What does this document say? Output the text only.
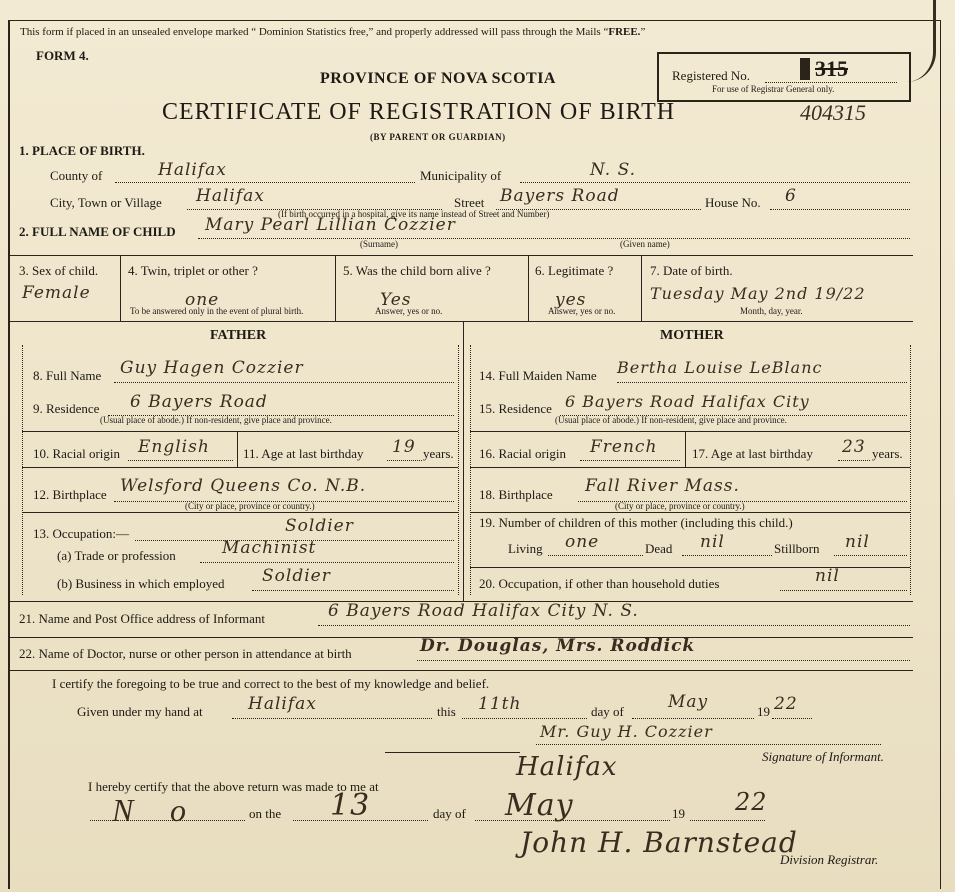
This form if placed in an unsealed envelope marked “ Dominion Statistics free,” and properly addressed will pass through the Mails “FREE.”
FORM 4.
Registered No.	315
For use of Registrar General only.
PROVINCE OF NOVA SCOTIA
CERTIFICATE OF REGISTRATION OF BIRTH	404315
(BY PARENT OR GUARDIAN)
1. PLACE OF BIRTH.
County of	Halifax	Municipality of	N. S.
City, Town or Village Halifax	Street Bayers Road	House No. 6
(If birth occurred in a hospital, give its name instead of Street and Number)
2. FULL NAME OF CHILD Mary Pearl Lillian Cozzier
(Surname)	(Given name)
3. Sex of child.
Female
4. Twin, triplet or other ?
one
To be answered only in the event of plural birth.
5. Was the child born alive ?
Yes
Answer, yes or no.
6. Legitimate ?
yes
Answer, yes or no.
7. Date of birth.
Tuesday May 2nd 19/22
Month, day, year.
FATHER	MOTHER
8. Full Name Guy Hagen Cozzier
9. Residence 6 Bayers Road
(Usual place of abode.) If non-resident, give place and province.
10. Racial origin English	11. Age at last birthday 19 years.
12. Birthplace Welsford Queens Co. N.B.
(City or place, province or country.)
13. Occupation:—	Soldier
(a) Trade or profession	Machinist
(b) Business in which employed Soldier
14. Full Maiden Name Bertha Louise LeBlanc
15. Residence 6 Bayers Road Halifax City
(Usual place of abode.) If non-resident, give place and province.
16. Racial origin French	17. Age at last birthday 23 years.
18. Birthplace Fall River Mass.
(City or place, province or country.)
19. Number of children of this mother (including this child.)
Living one	Dead nil	Stillborn nil
20. Occupation, if other than household duties	nil
21. Name and Post Office address of Informant	6 Bayers Road Halifax City N. S.
22. Name of Doctor, nurse or other person in attendance at birth	Dr. Douglas, Mrs. Roddick
I certify the foregoing to be true and correct to the best of my knowledge and belief.
Given under my hand at	Halifax	this 11th	day of	May	19 22
Mr. Guy H. Cozzier
Signature of Informant.
Halifax
I hereby certify that the above return was made to me at
N o	on the 13	day of May	19 22
John H. Barnstead
Division Registrar.
